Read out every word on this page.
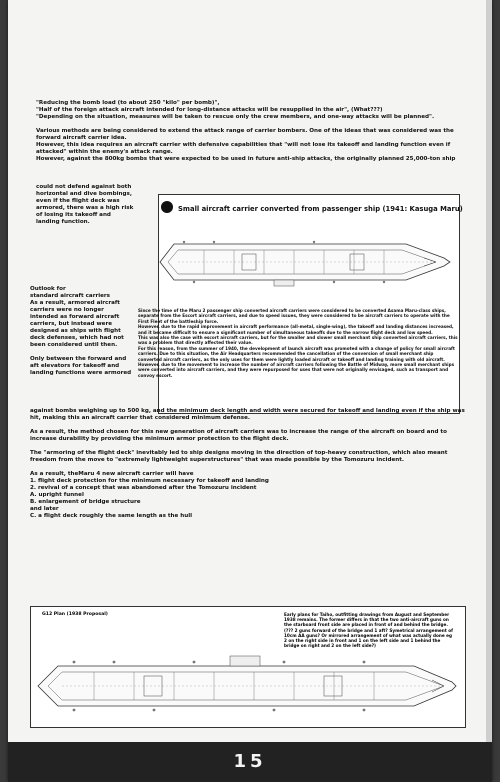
"Reducing the bomb load (to about 250 "kilo" per bomb)",

"Half of the foreign attack aircraft intended for long-distance attacks will be resupplied in the air", (What???)

"Depending on the situation, measures will be taken to rescue only the crew members, and one-way attacks will be planned".

Various methods are being considered to extend the attack range of carrier bombers. One of the ideas that was considered was the forward aircraft carrier idea.

However, this idea requires an aircraft carrier with defensive capabilities that "will not lose its takeoff and landing function even if attacked" within the enemy's attack range.

However, against the 800kg bombs that were expected to be used in future anti-ship attacks, the originally planned 25,000-ton ship

could not defend against both

horizontal and dive bombings,

even if the flight deck was

armored, there was a high risk

of losing its takeoff and

landing function.

Small aircraft carrier converted from passenger ship (1941: Kasuga Maru)

Since the time of the Maru 2 passenger ship converted aircraft carriers were considered to be converted Asama Maru-class ships, separate from the Escort aircraft carriers, and due to speed issues, they were considered to be aircraft carriers to operate with the First Fleet of the battleship force.

However, due to the rapid improvement in aircraft performance (all-metal, single-wing), the takeoff and landing distances increased, and it became difficult to ensure a significant number of simultaneous takeoffs due to the narrow flight deck and low speed.

This was also the case with escort aircraft carriers, but for the smaller and slower small merchant ship converted aircraft carriers, this was a problem that directly affected their value.

For this reason, from the summer of 1940, the development of launch aircraft was promoted with a change of policy for small aircraft carriers. Due to this situation, the Air Headquarters recommended the cancellation of the conversion of small merchant ship converted aircraft carriers, as the only uses for them were lightly loaded aircraft or takeoff and landing training with old aircraft.

However, due to the movement to increase the number of aircraft carriers following the Battle of Midway, more small merchant ships were converted into aircraft carriers, and they were repurposed for uses that were not originally envisaged, such as transport and convoy escort.

Outlook for

standard aircraft carriers

As a result, armored aircraft

carriers were no longer

intended as forward aircraft

carriers, but instead were

designed as ships with flight

deck defenses, which had not

been considered until then.

Only between the forward and

aft elevators for takeoff and

landing functions were armored

against bombs weighing up to 500 kg, and the minimum deck length and width were secured for takeoff and landing even if the ship was hit, making this an aircraft carrier that considered minimum defense.

As a result, the method chosen for this new generation of aircraft carriers was to increase the range of the aircraft on board and to increase durability by providing the minimum armor protection to the flight deck.

The "armoring of the flight deck" inevitably led to ship designs moving in the direction of top-heavy construction, which also meant freedom from the move to "extremely lightweight superstructures" that was made possible by the Tomozuru incident.

As a result, theMaru 4 new aircraft carrier will have

1. flight deck protection for the minimum necessary for takeoff and landing

2. revival of a concept that was abandoned after the Tomozuru incident

A. upright funnel

B. enlargement of bridge structure

and later

C. a flight deck roughly the same length as the hull

G12 Plan (1938 Proposal)	Early plans for Taiho, outfitting drawings from August and September 1938 remains. The former differs in that the two anti-aircraft guns on the starboard front side are placed in front of and behind the bridge.

(??? 2 guns forward of the bridge and 1 aft? Symetrical arrangement of 10cm AA guns? Or mirrored arrangement of what was actually done eg 2 on the right side in front and 1 on the left side and 1 behind the bridge on right and 2 on the left side?)

15
